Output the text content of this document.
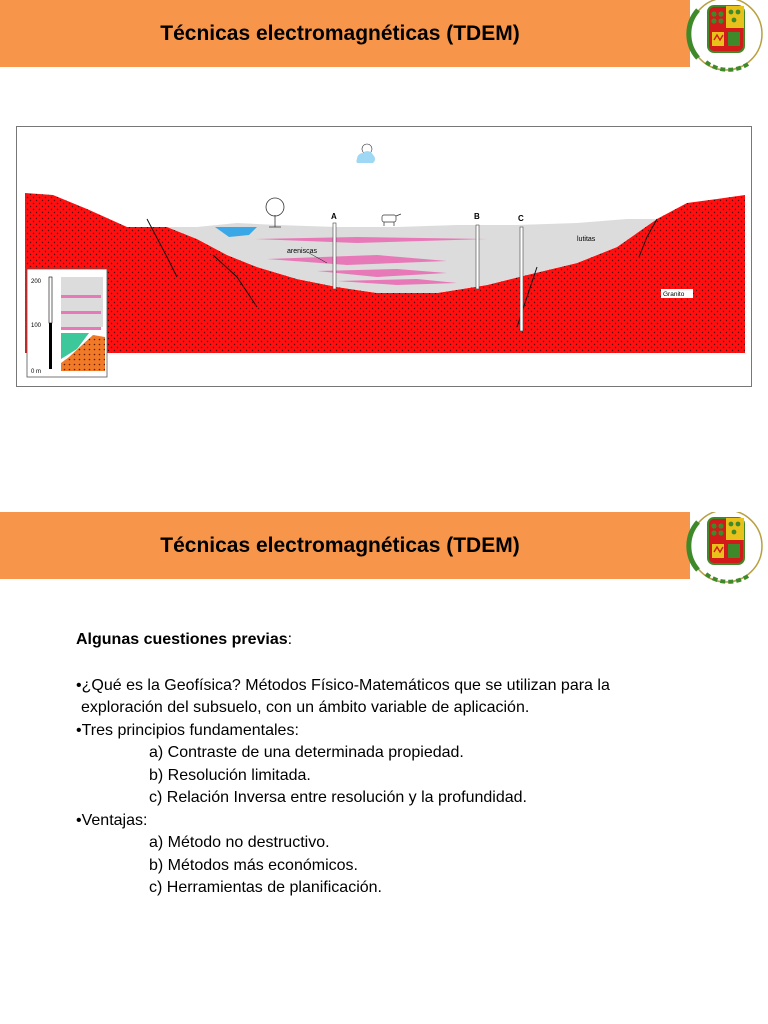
Técnicas electromagnéticas (TDEM)
A	B	C
areniscas
lutitas
Granito
200
100
0 m
Técnicas electromagnéticas (TDEM)

Algunas cuestiones previas:

•¿Qué es la Geofísica? Métodos Físico-Matemáticos que se utilizan para la

exploración del subsuelo, con un ámbito variable de aplicación.

•Tres principios fundamentales:

a) Contraste de una determinada propiedad.

b) Resolución limitada.

c) Relación Inversa entre resolución y la profundidad.

•Ventajas:

a) Método no destructivo.

b) Métodos más económicos.

c) Herramientas de planificación.
